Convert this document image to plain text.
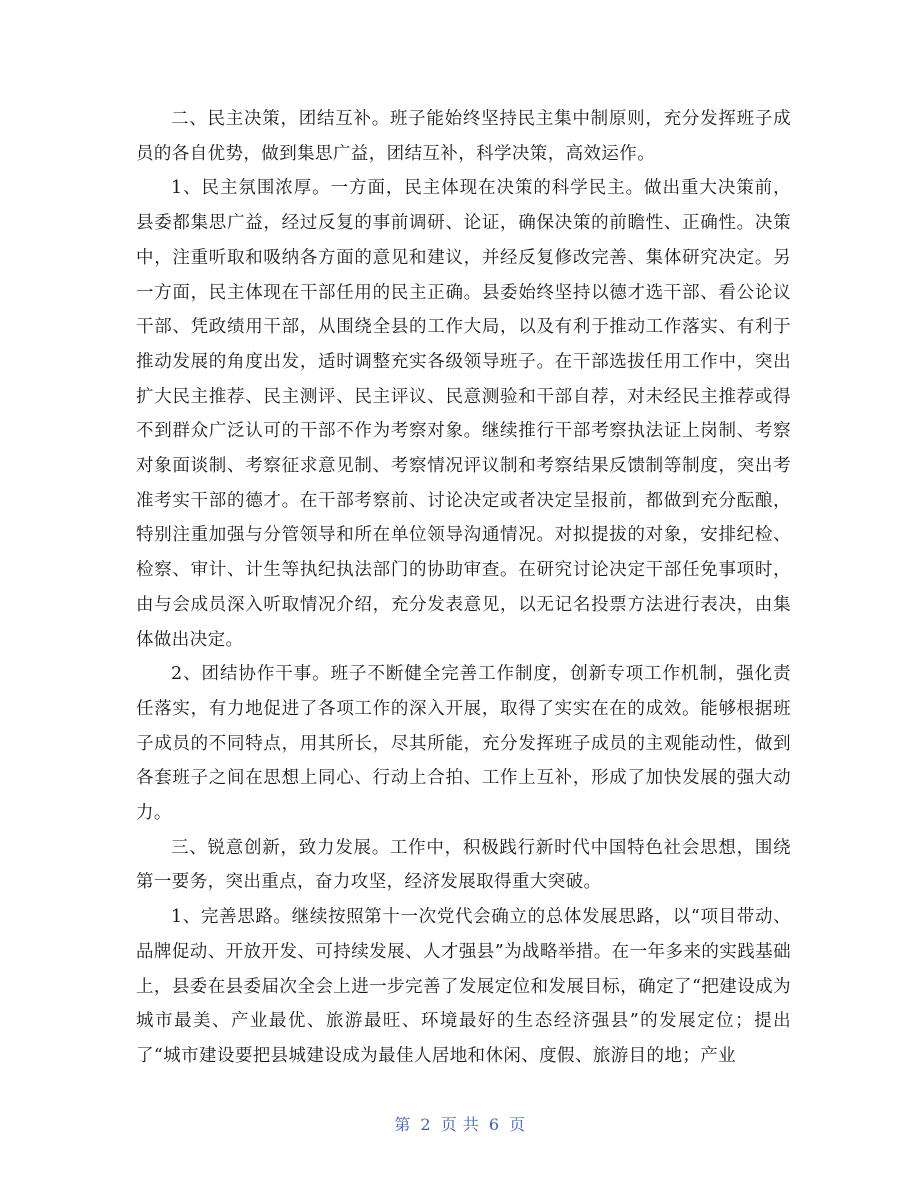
二、民主决策，团结互补。班子能始终坚持民主集中制原则，充分发挥班子成员的各自优势，做到集思广益，团结互补，科学决策，高效运作。

1、民主氛围浓厚。一方面，民主体现在决策的科学民主。做出重大决策前，县委都集思广益，经过反复的事前调研、论证，确保决策的前瞻性、正确性。决策中，注重听取和吸纳各方面的意见和建议，并经反复修改完善、集体研究决定。另一方面，民主体现在干部任用的民主正确。县委始终坚持以德才选干部、看公论议干部、凭政绩用干部，从围绕全县的工作大局，以及有利于推动工作落实、有利于推动发展的角度出发，适时调整充实各级领导班子。在干部选拔任用工作中，突出扩大民主推荐、民主测评、民主评议、民意测验和干部自荐，对未经民主推荐或得不到群众广泛认可的干部不作为考察对象。继续推行干部考察执法证上岗制、考察对象面谈制、考察征求意见制、考察情况评议制和考察结果反馈制等制度，突出考准考实干部的德才。在干部考察前、讨论决定或者决定呈报前，都做到充分酝酿，特别注重加强与分管领导和所在单位领导沟通情况。对拟提拔的对象，安排纪检、检察、审计、计生等执纪执法部门的协助审查。在研究讨论决定干部任免事项时，由与会成员深入听取情况介绍，充分发表意见，以无记名投票方法进行表决，由集体做出决定。

2、团结协作干事。班子不断健全完善工作制度，创新专项工作机制，强化责任落实，有力地促进了各项工作的深入开展，取得了实实在在的成效。能够根据班子成员的不同特点，用其所长，尽其所能，充分发挥班子成员的主观能动性，做到各套班子之间在思想上同心、行动上合拍、工作上互补，形成了加快发展的强大动力。

三、锐意创新，致力发展。工作中，积极践行新时代中国特色社会思想，围绕第一要务，突出重点，奋力攻坚，经济发展取得重大突破。

1、完善思路。继续按照第十一次党代会确立的总体发展思路，以“项目带动、品牌促动、开放开发、可持续发展、人才强县”为战略举措。在一年多来的实践基础上，县委在县委届次全会上进一步完善了发展定位和发展目标，确定了“把建设成为城市最美、产业最优、旅游最旺、环境最好的生态经济强县”的发展定位；提出了“城市建设要把县城建设成为最佳人居地和休闲、度假、旅游目的地；产业

第 2 页 共 6 页
